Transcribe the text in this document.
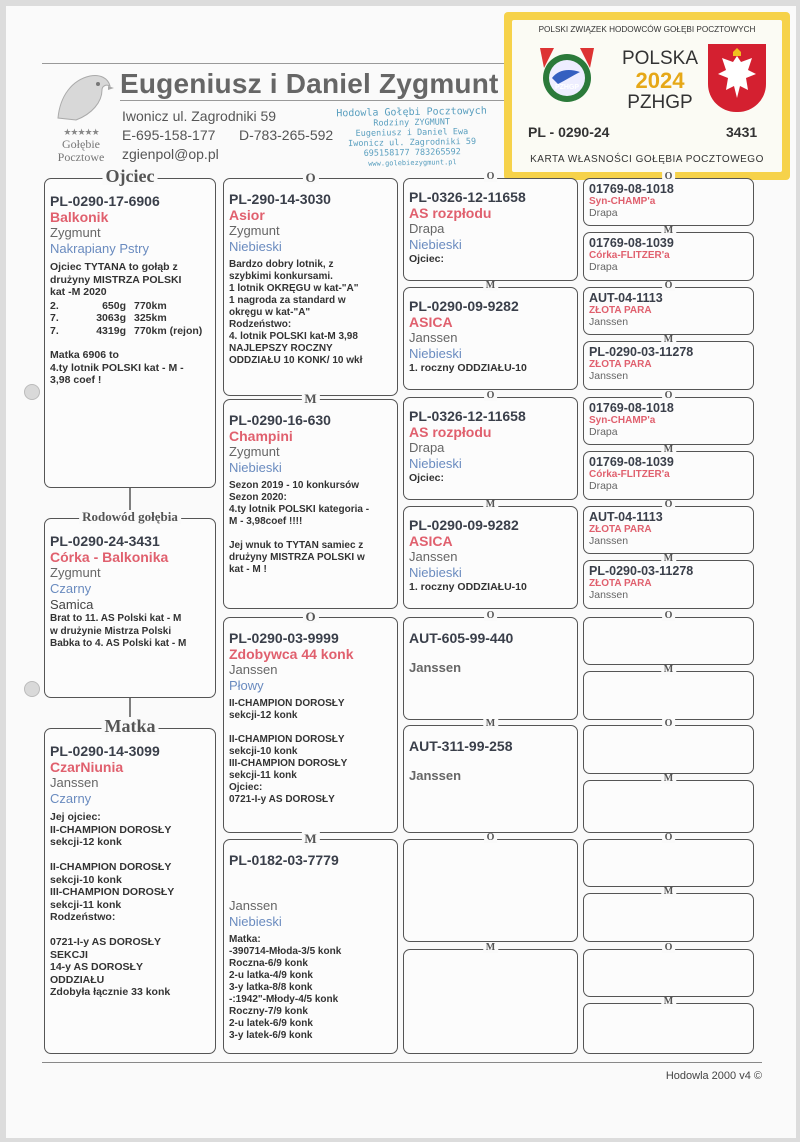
★★★★★
Gołębie
Pocztowe
Eugeniusz i Daniel Zygmunt
Iwonicz ul. Zagrodniki 59
E-695-158-177 D-783-265-592
zgienpol@op.pl
Hodowla Gołębi Pocztowych
Rodziny ZYGMUNT
Eugeniusz i Daniel Ewa
Iwonicz ul. Zagrodniki 59
695158177 783265592
www.golebiezygmunt.pl
POLSKI ZWIĄZEK HODOWCÓW GOŁĘBI POCZTOWYCH
PZHGP
POLSKA
2024
PZHGP
PL - 0290-24	3431
KARTA WŁASNOŚCI GOŁĘBIA POCZTOWEGO
Ojciec
PL-0290-17-6906
Balkonik
Zygmunt
Nakrapiany Pstry
Ojciec TYTANA to gołąb z
drużyny MISTRZA POLSKI
kat -M 2020
2.	650g	770km
7.	3063g	325km
7.	4319g	770km (rejon)
Matka 6906 to
4.ty lotnik POLSKI kat - M -
3,98 coef !
Rodowód gołębia
PL-0290-24-3431
Córka - Balkonika
Zygmunt
Czarny
Samica
Brat to 11. AS Polski kat - M
w drużynie Mistrza Polski
Babka to 4. AS Polski kat - M
Matka
PL-0290-14-3099
CzarNiunia
Janssen
Czarny
Jej ojciec:
II-CHAMPION DOROSŁY
sekcji-12 konk

II-CHAMPION DOROSŁY
sekcji-10 konk
III-CHAMPION DOROSŁY
sekcji-11 konk
Rodzeństwo:

0721-I-y AS DOROSŁY
SEKCJI
14-y AS DOROSŁY
ODDZIAŁU
Zdobyła łącznie 33 konk
O
PL-290-14-3030
Asior
Zygmunt
Niebieski
Bardzo dobry lotnik, z
szybkimi konkursami.
1 lotnik OKRĘGU w kat-"A"
1 nagroda za standard w
okręgu w kat-"A"
Rodzeństwo:
4. lotnik POLSKI kat-M 3,98
NAJLEPSZY ROCZNY
ODDZIAŁU 10 KONK/ 10 wkł
M
PL-0290-16-630
Champini
Zygmunt
Niebieski
Sezon 2019 - 10 konkursów
Sezon 2020:
4.ty lotnik POLSKI kategoria -
M - 3,98coef !!!!

Jej wnuk to TYTAN samiec z
drużyny MISTRZA POLSKI w
kat - M !
O
PL-0290-03-9999
Zdobywca 44 konk
Janssen
Płowy
II-CHAMPION DOROSŁY
sekcji-12 konk

II-CHAMPION DOROSŁY
sekcji-10 konk
III-CHAMPION DOROSŁY
sekcji-11 konk
Ojciec:
0721-I-y AS DOROSŁY
M
PL-0182-03-7779
Janssen
Niebieski
Matka:
-390714-Młoda-3/5 konk
Roczna-6/9 konk
2-u latka-4/9 konk
3-y latka-8/8 konk
-:1942"-Młody-4/5 konk
Roczny-7/9 konk
2-u latek-6/9 konk
3-y latek-6/9 konk
O
PL-0326-12-11658
AS rozpłodu
Drapa
Niebieski
Ojciec:
M
PL-0290-09-9282
ASICA
Janssen
Niebieski
1. roczny ODDZIAŁU-10
O
PL-0326-12-11658
AS rozpłodu
Drapa
Niebieski
Ojciec:
M
PL-0290-09-9282
ASICA
Janssen
Niebieski
1. roczny ODDZIAŁU-10
O
AUT-605-99-440
Janssen
M
AUT-311-99-258
Janssen
O
M
O
01769-08-1018
Syn-CHAMP'a
Drapa
M
01769-08-1039
Córka-FLITZER'a
Drapa
O
AUT-04-1113
ZŁOTA PARA
Janssen
M
PL-0290-03-11278
ZŁOTA PARA
Janssen
O
01769-08-1018
Syn-CHAMP'a
Drapa
M
01769-08-1039
Córka-FLITZER'a
Drapa
O
AUT-04-1113
ZŁOTA PARA
Janssen
M
PL-0290-03-11278
ZŁOTA PARA
Janssen
O
M
O
M
O
M
O
M
Hodowla 2000 v4 ©
